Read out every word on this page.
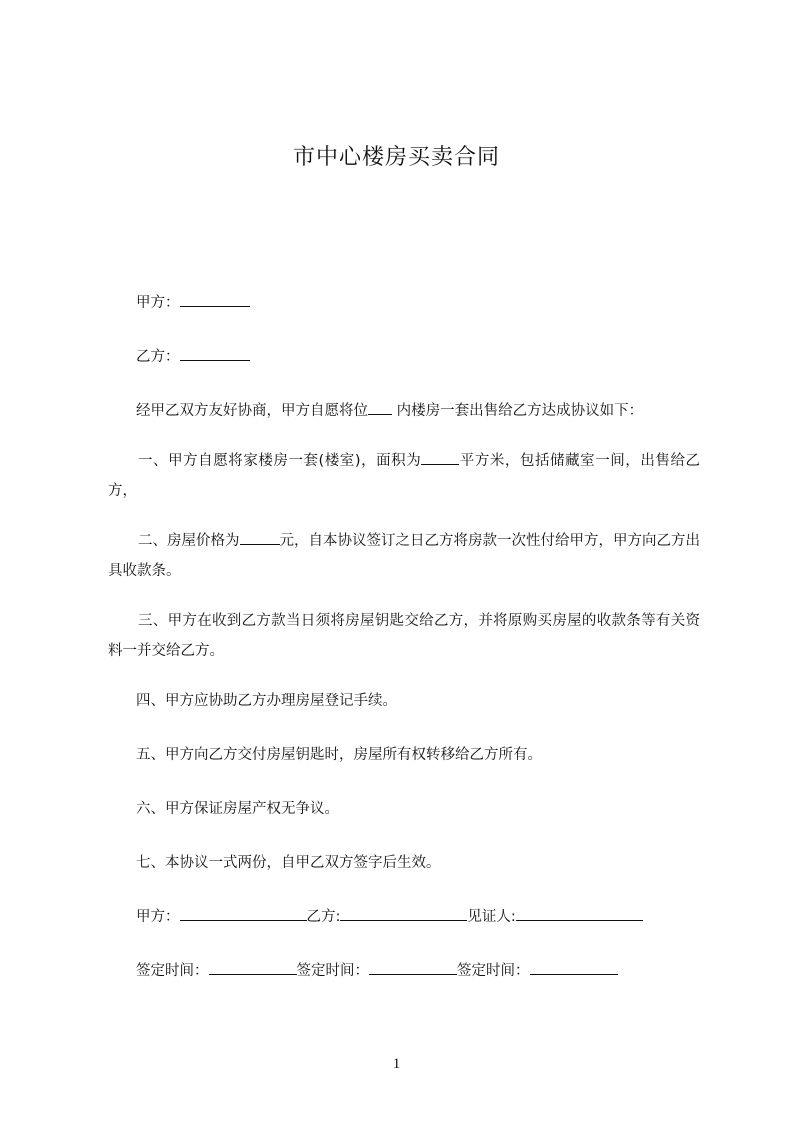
市中心楼房买卖合同
甲方：
乙方：
经甲乙双方友好协商，甲方自愿将位 内楼房一套出售给乙方达成协议如下：
一、甲方自愿将家楼房一套(楼室)，面积为	平方米，包括储藏室一间，出售给乙方，
二、房屋价格为	元，自本协议签订之日乙方将房款一次性付给甲方，甲方向乙方出具收款条。
三、甲方在收到乙方款当日须将房屋钥匙交给乙方，并将原购买房屋的收款条等有关资料一并交给乙方。
四、甲方应协助乙方办理房屋登记手续。
五、甲方向乙方交付房屋钥匙时，房屋所有权转移给乙方所有。
六、甲方保证房屋产权无争议。
七、本协议一式两份，自甲乙双方签字后生效。
甲方：	乙方:	见证人:
签定时间：	签定时间：	签定时间：
1
